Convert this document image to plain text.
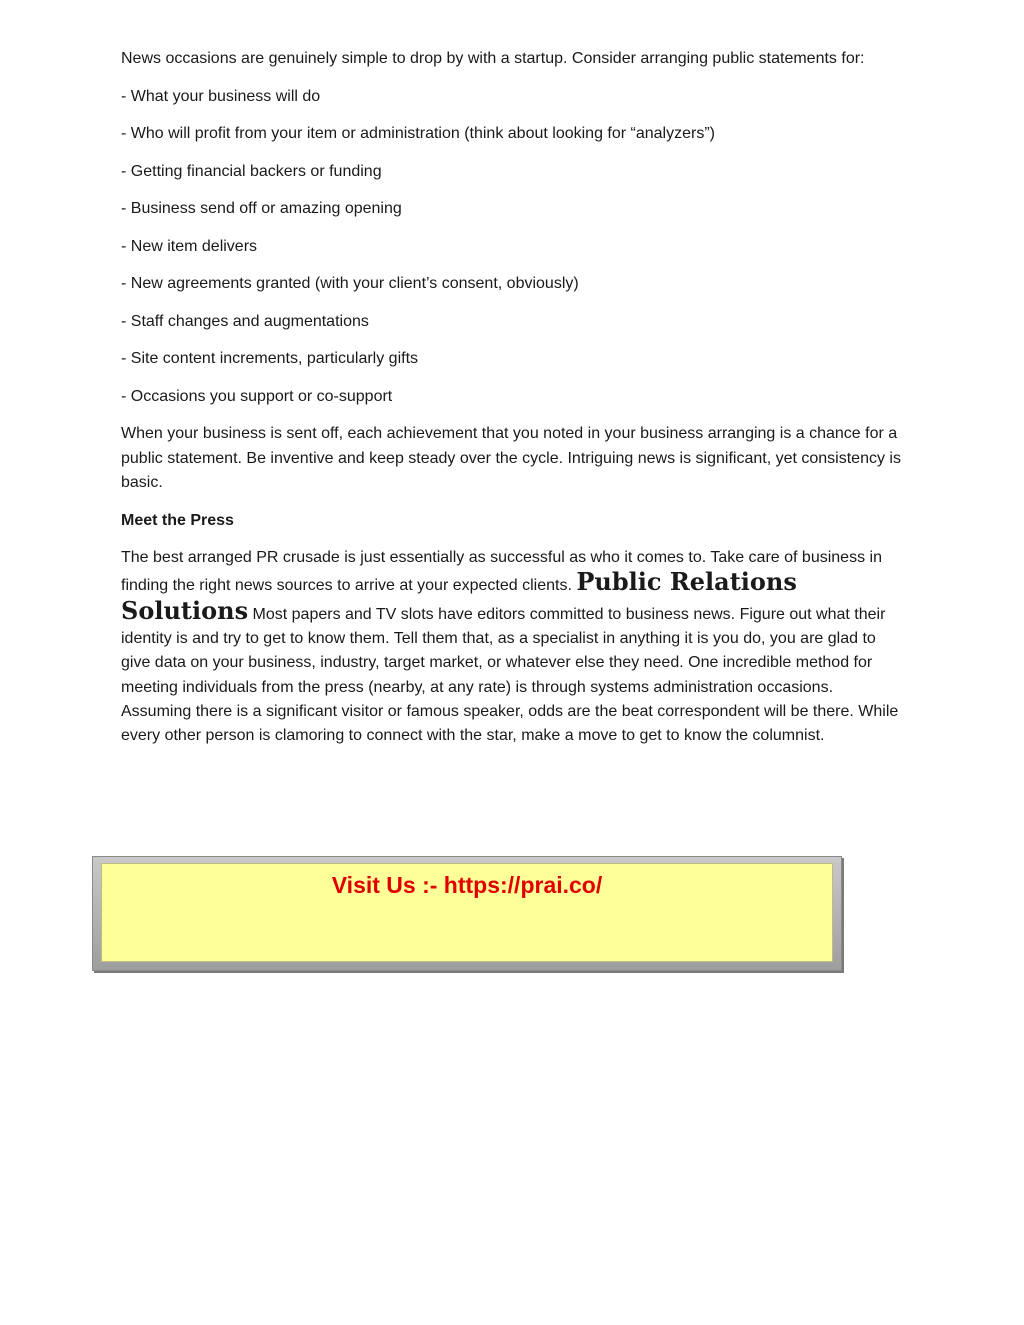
News occasions are genuinely simple to drop by with a startup. Consider arranging public statements for:

- What your business will do

- Who will profit from your item or administration (think about looking for “analyzers”)

- Getting financial backers or funding

- Business send off or amazing opening

- New item delivers

- New agreements granted (with your client’s consent, obviously)

- Staff changes and augmentations

- Site content increments, particularly gifts

- Occasions you support or co-support

When your business is sent off, each achievement that you noted in your business arranging is a chance for a public statement. Be inventive and keep steady over the cycle. Intriguing news is significant, yet consistency is basic.

Meet the Press

The best arranged PR crusade is just essentially as successful as who it comes to. Take care of business in finding the right news sources to arrive at your expected clients. Public Relations Solutions Most papers and TV slots have editors committed to business news. Figure out what their identity is and try to get to know them. Tell them that, as a specialist in anything it is you do, you are glad to give data on your business, industry, target market, or whatever else they need. One incredible method for meeting individuals from the press (nearby, at any rate) is through systems administration occasions. Assuming there is a significant visitor or famous speaker, odds are the beat correspondent will be there. While every other person is clamoring to connect with the star, make a move to get to know the columnist.

Visit Us :- https://prai.co/
